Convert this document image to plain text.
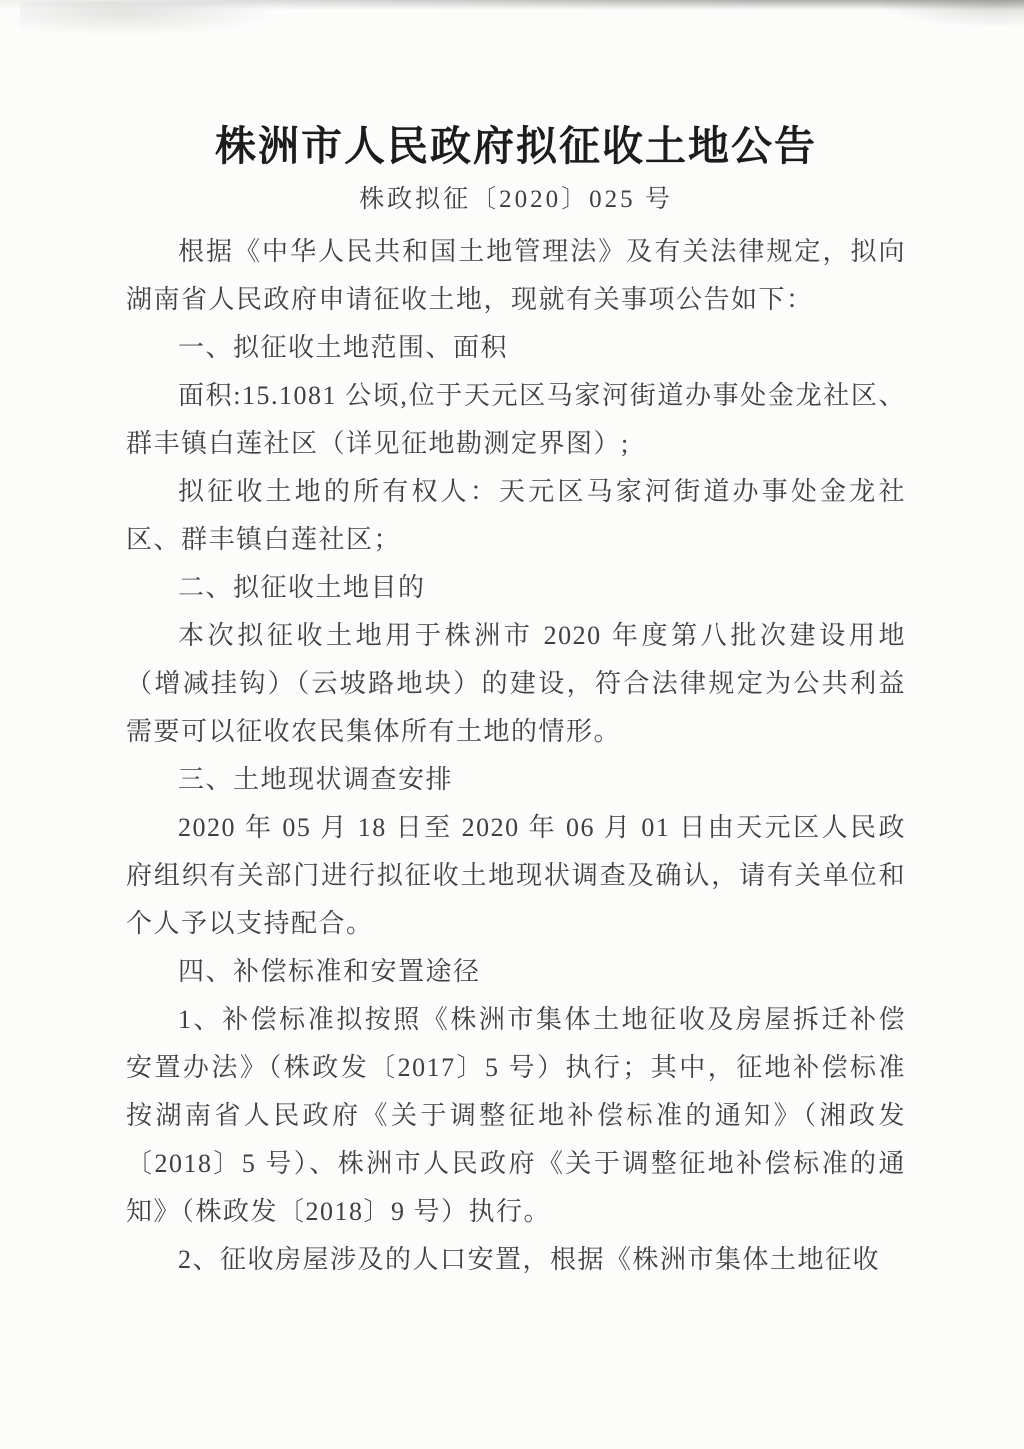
株洲市人民政府拟征收土地公告
株政拟征〔2020〕025 号

根据《中华人民共和国土地管理法》及有关法律规定，拟向湖南省人民政府申请征收土地，现就有关事项公告如下：

一、拟征收土地范围、面积

面积:15.1081 公顷,位于天元区马家河街道办事处金龙社区、群丰镇白莲社区（详见征地勘测定界图）;

拟征收土地的所有权人：天元区马家河街道办事处金龙社区、群丰镇白莲社区；

二、拟征收土地目的

本次拟征收土地用于株洲市 2020 年度第八批次建设用地（增减挂钩）（云坡路地块）的建设，符合法律规定为公共利益需要可以征收农民集体所有土地的情形。

三、土地现状调查安排

2020 年 05 月 18 日至 2020 年 06 月 01 日由天元区人民政府组织有关部门进行拟征收土地现状调查及确认，请有关单位和个人予以支持配合。

四、补偿标准和安置途径

1、补偿标准拟按照《株洲市集体土地征收及房屋拆迁补偿安置办法》（株政发〔2017〕5 号）执行；其中，征地补偿标准按湖南省人民政府《关于调整征地补偿标准的通知》（湘政发〔2018〕5 号）、株洲市人民政府《关于调整征地补偿标准的通知》（株政发〔2018〕9 号）执行。

2、征收房屋涉及的人口安置，根据《株洲市集体土地征收
